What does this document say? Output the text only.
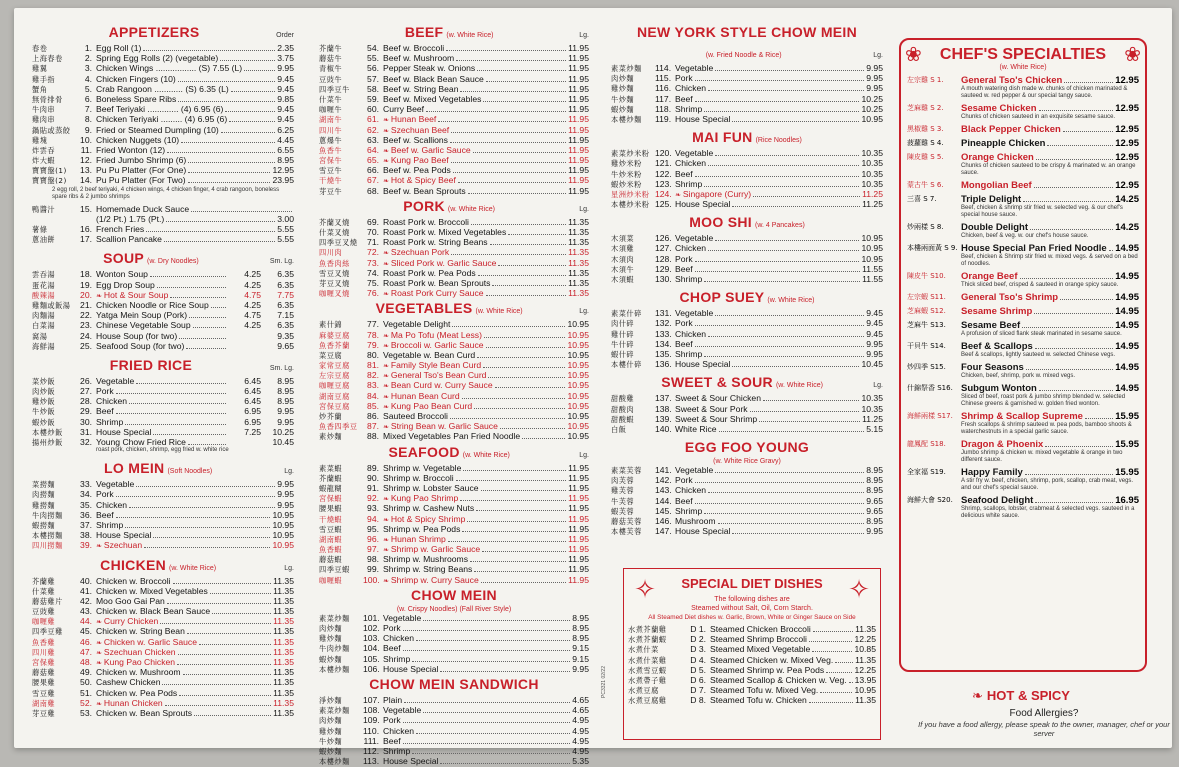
APPETIZERS	Order
春卷	1. Egg Roll (1)	2.35
上海春卷	2. Spring Egg Rolls (2) (vegetable)	3.75
雞翼	3. Chicken Wings ................. (S) 7.55 (L)	9.95
雞手指	4. Chicken Fingers (10)	9.45
蟹角	5. Crab Rangoon ............ (S) 6.35 (L)	9.45
無骨排骨	6. Boneless Spare Ribs	9.85
牛肉串	7. Beef Teriyaki ............. (4) 6.95 (6)	9.45
雞肉串	8. Chicken Teriyaki ......... (4) 6.95 (6)	9.45
鍋貼或蒸餃	9. Fried or Steamed Dumpling (10)	6.25
雞塊	10. Chicken Nuggets (10)	4.45
炸雲吞	11. Fried Wonton (12)	6.55
炸大蝦	12. Fried Jumbo Shrimp (6)	8.95
寶寶盤(1)	13. Pu Pu Platter (For One)	12.95
寶寶盤(2)	14. Pu Pu Platter (For Two)	23.95
2 egg roll, 2 beef teriyaki, 4 chicken wings, 4 chicken finger, 4 crab rangoon, boneless spare ribs & 2 jumbo shrimps
鴨醬汁	15. Homemade Duck Sauce
(1/2 Pt.) 1.75 (Pt.)	3.00
薯條	16. French Fries	5.55
蔥油餅	17. Scallion Pancake	5.55
SOUP (w. Dry Noodles)	Sm. Lg.
雲吞湯	18. Wonton Soup	4.25	6.35
蛋花湯	19. Egg Drop Soup	4.25	6.35
酸辣湯	20. ❧ Hot & Sour Soup	4.75	7.75
雞麵或飯湯	21. Chicken Noodle or Rice Soup	4.25	6.35
肉麵湯	22. Yatga Mein Soup (Pork)	4.75	7.15
白菜湯	23. Chinese Vegetable Soup	4.25	6.35
窩湯	24. House Soup (for two)	9.35
海鮮湯	25. Seafood Soup (for two)	9.65
FRIED RICE	Sm. Lg.
菜炒飯	26. Vegetable	6.45	8.95
肉炒飯	27. Pork	6.45	8.95
雞炒飯	28. Chicken	6.45	8.95
牛炒飯	29. Beef	6.95	9.95
蝦炒飯	30. Shrimp	6.95	9.95
本樓炒飯	31. House Special	7.25	10.25
揚州炒飯	32. Young Chow Fried Rice	10.45
roast pork, chicken, shrimp, egg fried w. white rice
LO MEIN (Soft Noodles)	Lg.
菜撈麵	33. Vegetable	9.95
肉撈麵	34. Pork	9.95
雞撈麵	35. Chicken	9.95
牛肉撈麵	36. Beef	10.95
蝦撈麵	37. Shrimp	10.95
本樓撈麵	38. House Special	10.95
四川撈麵	39. ❧ Szechuan	10.95
CHICKEN (w. White Rice)	Lg.
芥蘭雞	40. Chicken w. Broccoli	11.35
什菜雞	41. Chicken w. Mixed Vegetables	11.35
蘑菇雞片	42. Moo Goo Gai Pan	11.35
豆豉雞	43. Chicken w. Black Bean Sauce	11.35
咖喱雞	44. ❧ Curry Chicken	11.35
四季豆雞	45. Chicken w. String Bean	11.35
魚香雞	46. ❧ Chicken w. Garlic Sauce	11.35
四川雞	47. ❧ Szechuan Chicken	11.35
宮保雞	48. ❧ Kung Pao Chicken	11.35
蘑菇雞	49. Chicken w. Mushroom	11.35
腰果雞	50. Cashew Chicken	11.35
雪豆雞	51. Chicken w. Pea Pods	11.35
湖南雞	52. ❧ Hunan Chicken	11.35
芽豆雞	53. Chicken w. Bean Sprouts	11.35
BEEF (w. White Rice)	Lg.
芥蘭牛	54. Beef w. Broccoli	11.95
蘑菇牛	55. Beef w. Mushroom	11.95
青椒牛	56. Pepper Steak w. Onions	11.95
豆豉牛	57. Beef w. Black Bean Sauce	11.95
四季豆牛	58. Beef w. String Bean	11.95
什菜牛	59. Beef w. Mixed Vegetables	11.95
咖喱牛	60. Curry Beef	11.95
湖南牛	61. ❧ Hunan Beef	11.95
四川牛	62. ❧ Szechuan Beef	11.95
蔥爆牛	63. Beef w. Scallions	11.95
魚香牛	64. ❧ Beef w. Garlic Sauce	11.95
宮保牛	65. ❧ Kung Pao Beef	11.95
雪豆牛	66. Beef w. Pea Pods	11.95
干燒牛	67. ❧ Hot & Spicy Beef	11.95
芽豆牛	68. Beef w. Bean Sprouts	11.95
PORK (w. White Rice)	Lg.
芥蘭叉燒	69. Roast Pork w. Broccoli	11.35
什菜叉燒	70. Roast Pork w. Mixed Vegetables	11.35
四季豆叉燒	71. Roast Pork w. String Beans	11.35
四川肉	72. ❧ Szechuan Pork	11.35
魚香肉絲	73. ❧ Sliced Pork w. Garlic Sauce	11.35
雪豆叉燒	74. Roast Pork w. Pea Pods	11.35
芽豆叉燒	75. Roast Pork w. Bean Sprouts	11.35
咖喱叉燒	76. ❧ Roast Pork Curry Sauce	11.35
VEGETABLES (w. White Rice)	Lg.
素什錦	77. Vegetable Delight	10.95
麻婆豆腐	78. ❧ Ma Po Tofu (Meat Less)	10.95
魚香芥蘭	79. ❧ Broccoli w. Garlic Sauce	10.95
菜豆腐	80. Vegetable w. Bean Curd	10.95
家常豆腐	81. ❧ Family Style Bean Curd	10.95
左宗豆腐	82. ❧ General Tso's Bean Curd	10.95
咖喱豆腐	83. ❧ Bean Curd w. Curry Sauce	10.95
湖南豆腐	84. ❧ Hunan Bean Curd	10.95
宮保豆腐	85. ❧ Kung Pao Bean Curd	10.95
炒芥蘭	86. Sauteed Broccoli	10.95
魚香四季豆	87. ❧ String Bean w. Garlic Sauce	10.95
素炒麵	88. Mixed Vegetables Pan Fried Noodle	10.95
SEAFOOD (w. White Rice)	Lg.
素菜蝦	89. Shrimp w. Vegetable	11.95
芥蘭蝦	90. Shrimp w. Broccoli	11.95
蝦龍糊	91. Shrimp w. Lobster Sauce	11.95
宮保蝦	92. ❧ Kung Pao Shrimp	11.95
腰果蝦	93. Shrimp w. Cashew Nuts	11.95
干燒蝦	94. ❧ Hot & Spicy Shrimp	11.95
雪豆蝦	95. Shrimp w. Pea Pods	11.95
湖南蝦	96. ❧ Hunan Shrimp	11.95
魚香蝦	97. ❧ Shrimp w. Garlic Sauce	11.95
蘑菇蝦	98. Shrimp w. Mushrooms	11.95
四季豆蝦	99. Shrimp w. String Beans	11.95
咖喱蝦	100. ❧ Shrimp w. Curry Sauce	11.95
CHOW MEIN
(w. Crispy Noodles) (Fall River Style)
素菜炒麵	101. Vegetable	8.95
肉炒麵	102. Pork	8.95
雞炒麵	103. Chicken	8.95
牛肉炒麵	104. Beef	9.15
蝦炒麵	105. Shrimp	9.15
本樓炒麵	106. House Special	9.95
CHOW MEIN SANDWICH
淨炒麵	107. Plain	4.65
素菜炒麵	108. Vegetable	4.65
肉炒麵	109. Pork	4.95
雞炒麵	110. Chicken	4.95
牛炒麵	111. Beef	4.95
蝦炒麵	112. Shrimp	4.95
本樓炒麵	113. House Special	5.35
NEW YORK STYLE CHOW MEIN
(w. Fried Noodle & Rice)	Lg.
素菜炒麵	114. Vegetable	9.95
肉炒麵	115. Pork	9.95
雞炒麵	116. Chicken	9.95
牛炒麵	117. Beef	10.25
蝦炒麵	118. Shrimp	10.25
本樓炒麵	119. House Special	10.95
MAI FUN (Rice Noodles)
素菜炒米粉 120. Vegetable	10.35
雞炒米粉	121. Chicken	10.35
牛炒米粉	122. Beef	10.35
蝦炒米粉	123. Shrimp	10.35
星洲炒米粉 124. ❧ Singapore (Curry)	11.25
本樓炒米粉 125. House Special	11.25
MOO SHI (w. 4 Pancakes)
木須菜	126. Vegetable	10.95
木須雞	127. Chicken	10.95
木須肉	128. Pork	10.95
木須牛	129. Beef	11.55
木須蝦	130. Shrimp	11.55
CHOP SUEY (w. White Rice)
素菜什碎	131. Vegetable	9.45
肉什碎	132. Pork	9.45
雞什碎	133. Chicken	9.45
牛什碎	134. Beef	9.95
蝦什碎	135. Shrimp	9.95
本樓什碎	136. House Special	10.45
SWEET & SOUR (w. White Rice)	Lg.
甜酸雞	137. Sweet & Sour Chicken	10.35
甜酸肉	138. Sweet & Sour Pork	10.35
甜酸蝦	139. Sweet & Sour Shrimp	11.25
白飯	140. White Rice	5.15
EGG FOO YOUNG
(w. White Rice Gravy)
素菜芙蓉	141. Vegetable	8.95
肉芙蓉	142. Pork	8.95
雞芙蓉	143. Chicken	8.95
牛芙蓉	144. Beef	9.65
蝦芙蓉	145. Shrimp	9.65
蘑菇芙蓉	146. Mushroom	8.95
本樓芙蓉	147. House Special	9.95
✧	✧
SPECIAL DIET DISHES
The following dishes are
Steamed without Salt, Oil, Corn Starch.
All Steamed Diet dishes w. Garlic, Brown, White or Ginger Sauce on Side
水煮芥蘭雞	D 1. Steamed Chicken Broccoli	11.35
水煮芥蘭蝦	D 2. Steamed Shrimp Broccoli	12.25
水煮什菜	D 3. Steamed Mixed Vegetable	10.85
水煮什菜雞	D 4. Steamed Chicken w. Mixed Veg.	11.35
水煮雪豆蝦	D 5. Steamed Shrimp w. Pea Pods	12.25
水煮帶子雞	D 6. Steamed Scallop & Chicken w. Veg. 13.95
水煮豆腐	D 7. Steamed Tofu w. Mixed Veg.	10.95
水煮豆腐雞	D 8. Steamed Tofu w. Chicken	11.35
PC3321 02/22
❀	❀
CHEF'S SPECIALTIES
(w. White Rice)
左宗雞 S 1.	General Tso's Chicken	12.95
A mouth watering dish made w. chunks of chicken marinated & sauteed w. red pepper & our special tangy sauce.
芝麻雞 S 2.	Sesame Chicken	12.95
Chunks of chicken sauteed in an exquisite sesame sauce.
黑椒雞 S 3.	Black Pepper Chicken	12.95
菠蘿雞 S 4.	Pineapple Chicken	12.95
陳皮雞 S 5.	Orange Chicken	12.95
Chunks of chicken sauteed to be crispy & marinated w. an orange sauce.
蒙古牛 S 6.	Mongolian Beef	12.95
三喜 S 7.	Triple Delight	14.25
Beef, chicken & shrimp stir fried w. selected veg. & our chef's special house sauce.
炒兩樣 S 8.	Double Delight	14.25
Chicken, beef & veg. w. our chef's house sauce.
本樓兩面黃 S 9. House Special Pan Fried Noodle 14.95
Beef, chicken & Shrimp stir fried w. mixed vegs. & served on a bed of noodles.
陳皮牛 S10.	Orange Beef	14.95
Thick sliced beef, crisped & sauteed in orange spicy sauce.
左宗蝦 S11.	General Tso's Shrimp	14.95
芝麻蝦 S12.	Sesame Shrimp	14.95
芝麻牛 S13.	Sesame Beef	14.95
A profusion of sliced flank steak marinated in sesame sauce.
干貝牛 S14.	Beef & Scallops	14.95
Beef & scallops, lightly sauteed w. selected Chinese vegs.
炒四季 S15.	Four Seasons	14.95
Chicken, beef, shrimp, pork w. mixed vegs.
什錦祭香 S16. Subgum Wonton	14.95
Sliced of beef, roast pork & jumbo shrimp blended w. selected Chinese greens & garnished w. golden fried wonton.
海鮮兩樣 S17. Shrimp & Scallop Supreme	15.95
Fresh scallops & shrimp sauteed w. pea pods, bamboo shoots & waterchestnuts in a special garlic sauce.
龍鳳配 S18.	Dragon & Phoenix	15.95
Jumbo shrimp & chicken w. mixed vegetable & orange in two different sauce.
全家福 S19.	Happy Family	15.95
A stir fry w. beef, chicken, shrimp, pork, scallop, crab meat, vegs. and our chef's special sauce.
海鮮大會 S20. Seafood Delight	16.95
Shrimp, scallops, lobster, crabmeat & selected vegs. sauteed in a delicious white sauce.
❧ HOT & SPICY
Food Allergies?
If you have a food allergy, please speak to the owner, manager, chef or your server
